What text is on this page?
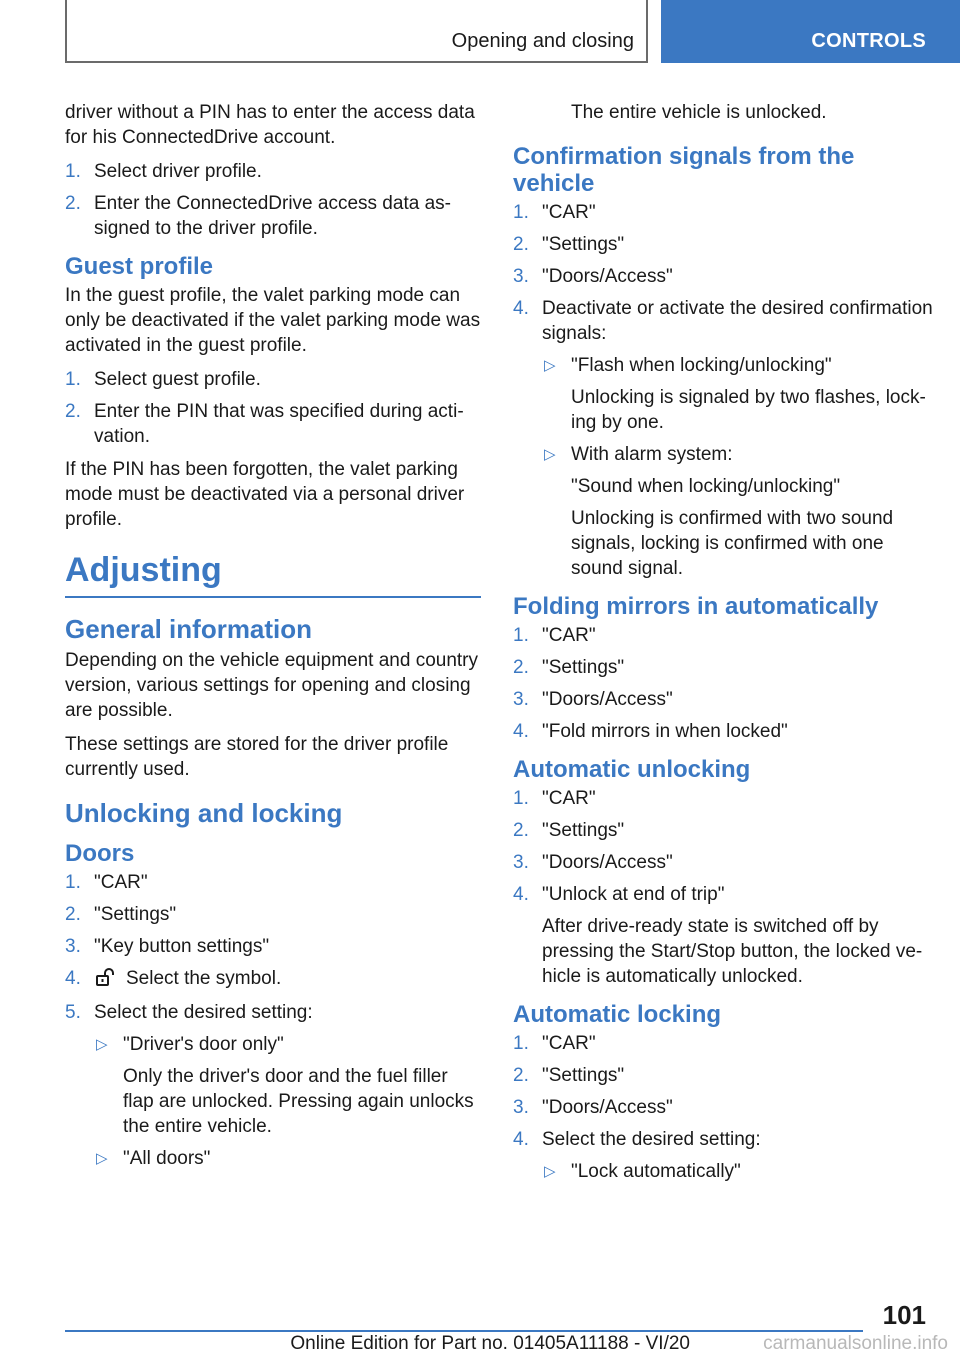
Opening and closing	CONTROLS

driver without a PIN has to enter the access data for his ConnectedDrive account.

1. Select driver profile.
2. Enter the ConnectedDrive access data assigned to the driver profile.
Guest profile

In the guest profile, the valet parking mode can only be deactivated if the valet parking mode was activated in the guest profile.

1. Select guest profile.
2. Enter the PIN that was specified during activation.

If the PIN has been forgotten, the valet parking mode must be deactivated via a personal driver profile.

Adjusting
General information

Depending on the vehicle equipment and country version, various settings for opening and closing are possible.

These settings are stored for the driver profile currently used.

Unlocking and locking
Doors
1. "CAR"
2. "Settings"
3. "Key button settings"
4. Select the symbol.
5. Select the desired setting:
▷ "Driver's door only"
Only the driver's door and the fuel filler flap are unlocked. Pressing again unlocks the entire vehicle.
▷ "All doors"
The entire vehicle is unlocked.
Confirmation signals from the vehicle
1. "CAR"
2. "Settings"
3. "Doors/Access"
4. Deactivate or activate the desired confirmation signals:
▷ "Flash when locking/unlocking"
Unlocking is signaled by two flashes, locking by one.
▷ With alarm system:
"Sound when locking/unlocking"
Unlocking is confirmed with two sound signals, locking is confirmed with one sound signal.
Folding mirrors in automatically
1. "CAR"
2. "Settings"
3. "Doors/Access"
4. "Fold mirrors in when locked"
Automatic unlocking
1. "CAR"
2. "Settings"
3. "Doors/Access"
4. "Unlock at end of trip"
After drive-ready state is switched off by pressing the Start/Stop button, the locked vehicle is automatically unlocked.
Automatic locking
1. "CAR"
2. "Settings"
3. "Doors/Access"
4. Select the desired setting:
▷ "Lock automatically"
101
Online Edition for Part no. 01405A11188 - VI/20	carmanualsonline.info
